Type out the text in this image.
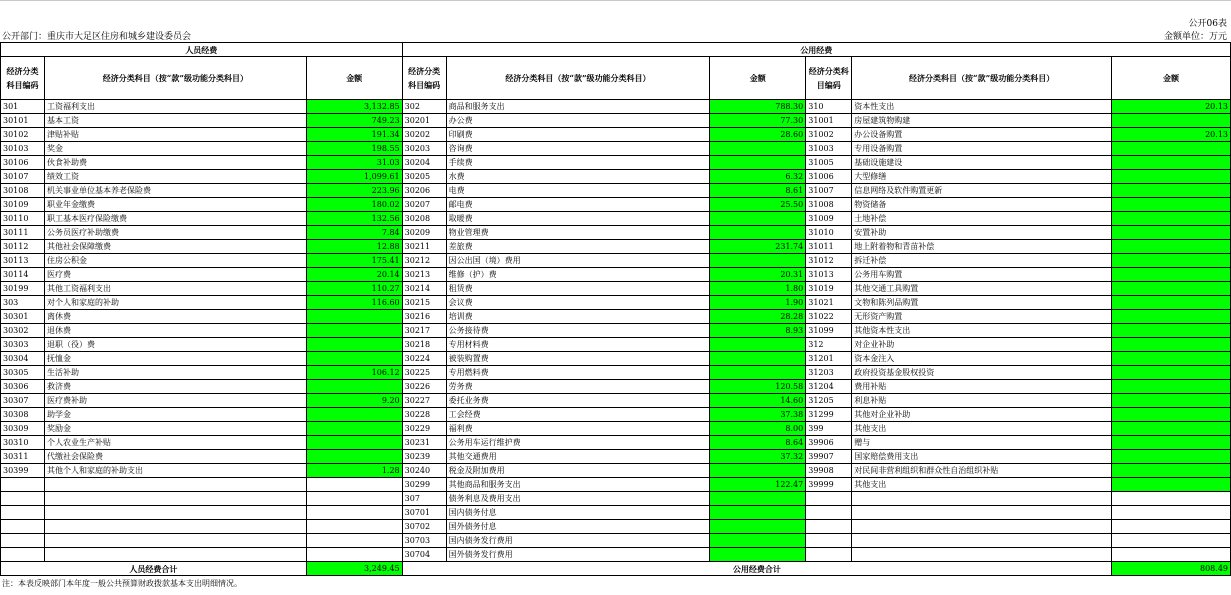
公开06表
公开部门：重庆市大足区住房和城乡建设委员会	金额单位：万元
人员经费			公用经费					
经济分类科目编码	经济分类科目（按“款”级功能分类科目）	金额	经济分类科目编码	经济分类科目（按“款”级功能分类科目）	金额	经济分类科目编码	经济分类科目（按“款”级功能分类科目）	金额
301	工资福利支出	3,132.85	302	商品和服务支出	788.30	310	资本性支出	20.13
30101	基本工资	749.23	30201	办公费	77.30	31001	房屋建筑物购建	
30102	津贴补贴	191.34	30202	印刷费	28.60	31002	办公设备购置	20.13
30103	奖金	198.55	30203	咨询费		31003	专用设备购置	
30106	伙食补助费	31.03	30204	手续费		31005	基础设施建设	
30107	绩效工资	1,099.61	30205	水费	6.32	31006	大型修缮	
30108	机关事业单位基本养老保险费	223.96	30206	电费	8.61	31007	信息网络及软件购置更新	
30109	职业年金缴费	180.02	30207	邮电费	25.50	31008	物资储备	
30110	职工基本医疗保险缴费	132.56	30208	取暖费		31009	土地补偿	
30111	公务员医疗补助缴费	7.84	30209	物业管理费		31010	安置补助	
30112	其他社会保障缴费	12.88	30211	差旅费	231.74	31011	地上附着物和青苗补偿	
30113	住房公积金	175.41	30212	因公出国（境）费用		31012	拆迁补偿	
30114	医疗费	20.14	30213	维修（护）费	20.31	31013	公务用车购置	
30199	其他工资福利支出	110.27	30214	租赁费	1.80	31019	其他交通工具购置	
303	对个人和家庭的补助	116.60	30215	会议费	1.90	31021	文物和陈列品购置	
30301	离休费		30216	培训费	28.28	31022	无形资产购置	
30302	退休费		30217	公务接待费	8.93	31099	其他资本性支出	
30303	退职（役）费		30218	专用材料费		312	对企业补助	
30304	抚恤金		30224	被装购置费		31201	资本金注入	
30305	生活补助	106.12	30225	专用燃料费		31203	政府投资基金股权投资	
30306	救济费		30226	劳务费	120.58	31204	费用补贴	
30307	医疗费补助	9.20	30227	委托业务费	14.60	31205	利息补贴	
30308	助学金		30228	工会经费	37.38	31299	其他对企业补助	
30309	奖励金		30229	福利费	8.00	399	其他支出	
30310	个人农业生产补贴		30231	公务用车运行维护费	8.64	39906	赠与	
30311	代缴社会保险费		30239	其他交通费用	37.32	39907	国家赔偿费用支出	
30399	其他个人和家庭的补助支出	1.28	30240	税金及附加费用		39908	对民间非营利组织和群众性自治组织补贴	
			30299	其他商品和服务支出	122.47	39999	其他支出	
			307	债务利息及费用支出				
			30701	国内债务付息				
			30702	国外债务付息				
			30703	国内债务发行费用				
			30704	国外债务发行费用				
人员经费合计		3,249.45	公用经费合计					808.49
注：本表反映部门本年度一般公共预算财政拨款基本支出明细情况。
